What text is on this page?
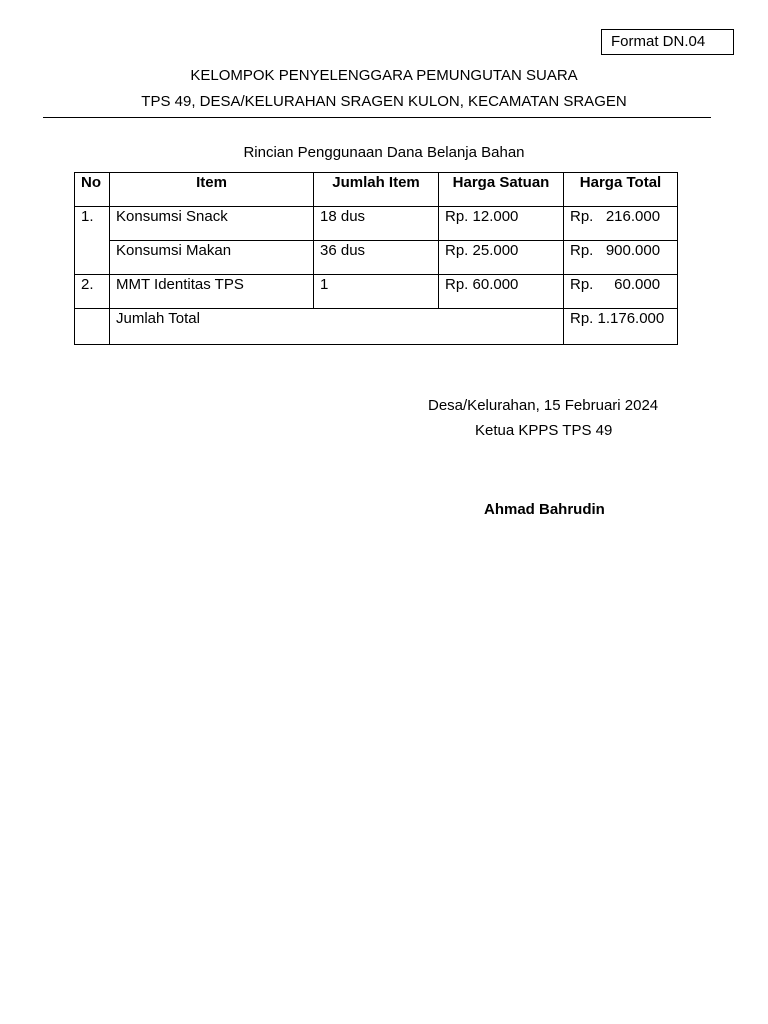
Format DN.04
KELOMPOK PENYELENGGARA PEMUNGUTAN SUARA
TPS 49, DESA/KELURAHAN SRAGEN KULON, KECAMATAN SRAGEN
Rincian Penggunaan Dana Belanja Bahan
No	Item	Jumlah Item	Harga Satuan	Harga Total
1.	Konsumsi Snack	18 dus	Rp. 12.000	Rp.   216.000
	Konsumsi Makan	36 dus	Rp. 25.000	Rp.   900.000
2.	MMT Identitas TPS	1	Rp. 60.000	Rp.     60.000
	Jumlah Total			Rp. 1.176.000
Desa/Kelurahan, 15 Februari 2024
Ketua KPPS TPS 49
Ahmad Bahrudin
